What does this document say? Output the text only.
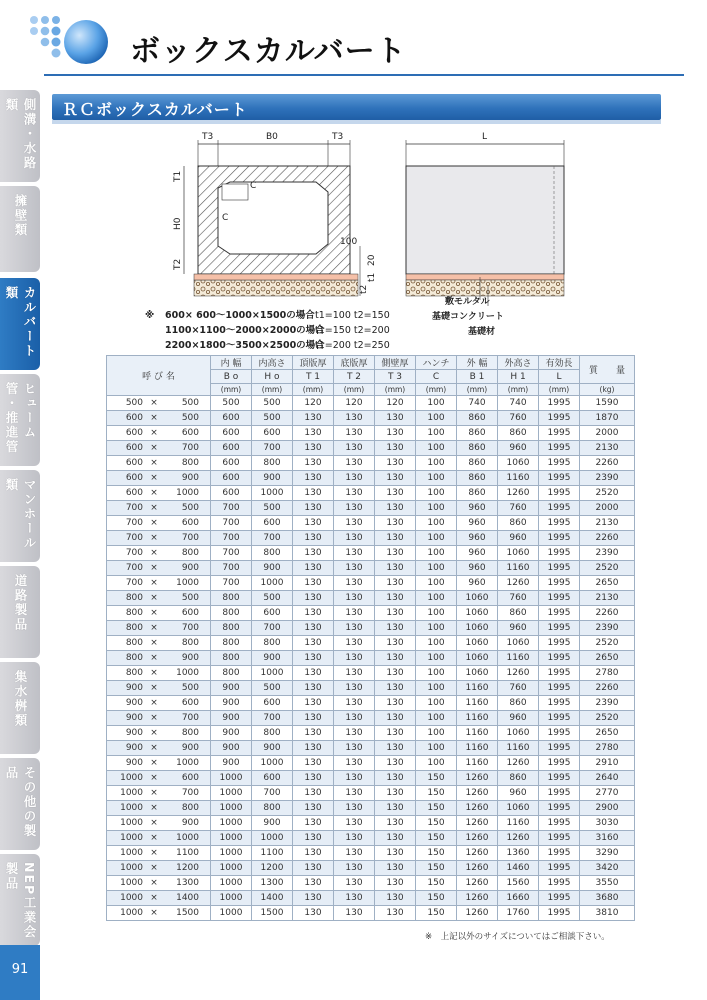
ボックスカルバート
側溝・水路類
擁壁類
カルバート類
ヒューム管・推進管
マンホール類
道路製品
集水桝類
その他の製品
NEP工業会製品
91
ＲＣボックスカルバート
T3	B0	T3
T1
H0
T2
C
C
100
t2
t1
20
L
敷モルタル
基礎コンクリート
基礎材
※	600× 600～1000×1500の場合 t1=100 t2=150
1100×1100～2000×2000の場合
t1=150 t2=200
2200×1800～3500×2500の場合
t1=200 t2=250
呼 び 名	内 幅	内高さ	頂版厚	底版厚	側壁厚	ハンチ	外 幅	外高さ	有効長	質　　量
	B o	H o	T 1	T 2	T 3	C	B 1	H 1	L	
	(mm)	(mm)	(mm)	(mm)	(mm)	(mm)	(mm)	(mm)	(mm)	(kg)
500 × 500	500	500	120	120	120	100	740	740	1995	1590
600 × 500	600	500	130	130	130	100	860	760	1995	1870
600 × 600	600	600	130	130	130	100	860	860	1995	2000
600 × 700	600	700	130	130	130	100	860	960	1995	2130
600 × 800	600	800	130	130	130	100	860	1060	1995	2260
600 × 900	600	900	130	130	130	100	860	1160	1995	2390
600 × 1000	600	1000	130	130	130	100	860	1260	1995	2520
700 × 500	700	500	130	130	130	100	960	760	1995	2000
700 × 600	700	600	130	130	130	100	960	860	1995	2130
700 × 700	700	700	130	130	130	100	960	960	1995	2260
700 × 800	700	800	130	130	130	100	960	1060	1995	2390
700 × 900	700	900	130	130	130	100	960	1160	1995	2520
700 × 1000	700	1000	130	130	130	100	960	1260	1995	2650
800 × 500	800	500	130	130	130	100	1060	760	1995	2130
800 × 600	800	600	130	130	130	100	1060	860	1995	2260
800 × 700	800	700	130	130	130	100	1060	960	1995	2390
800 × 800	800	800	130	130	130	100	1060	1060	1995	2520
800 × 900	800	900	130	130	130	100	1060	1160	1995	2650
800 × 1000	800	1000	130	130	130	100	1060	1260	1995	2780
900 × 500	900	500	130	130	130	100	1160	760	1995	2260
900 × 600	900	600	130	130	130	100	1160	860	1995	2390
900 × 700	900	700	130	130	130	100	1160	960	1995	2520
900 × 800	900	800	130	130	130	100	1160	1060	1995	2650
900 × 900	900	900	130	130	130	100	1160	1160	1995	2780
900 × 1000	900	1000	130	130	130	100	1160	1260	1995	2910
1000 × 600	1000	600	130	130	130	150	1260	860	1995	2640
1000 × 700	1000	700	130	130	130	150	1260	960	1995	2770
1000 × 800	1000	800	130	130	130	150	1260	1060	1995	2900
1000 × 900	1000	900	130	130	130	150	1260	1160	1995	3030
1000 × 1000	1000	1000	130	130	130	150	1260	1260	1995	3160
1000 × 1100	1000	1100	130	130	130	150	1260	1360	1995	3290
1000 × 1200	1000	1200	130	130	130	150	1260	1460	1995	3420
1000 × 1300	1000	1300	130	130	130	150	1260	1560	1995	3550
1000 × 1400	1000	1400	130	130	130	150	1260	1660	1995	3680
1000 × 1500	1000	1500	130	130	130	150	1260	1760	1995	3810
※　上記以外のサイズについてはご相談下さい。
